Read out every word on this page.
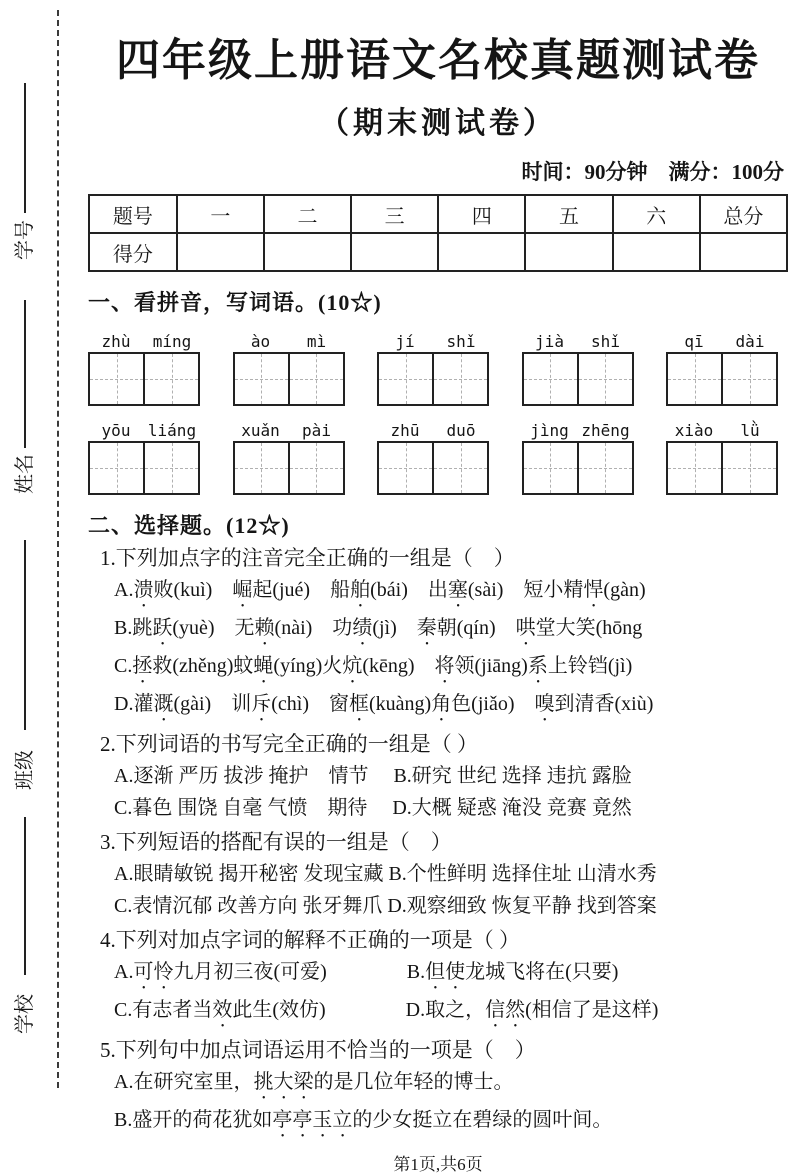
学号
姓名
班级
学校
四年级上册语文名校真题测试卷
（期末测试卷）
时间：90分钟　满分：100分
题号	一	二	三	四	五	六	总分
得分							
一、看拼音，写词语。(10☆)
zhù	míng	ào	mì	jí	shǐ	jià	shǐ	qī	dài
yōu	liáng	xuǎn	pài	zhū	duō	jìng zhēng	xiào	lǜ
二、选择题。(12☆)
1.下列加点字的注音完全正确的一组是（　）
A.溃败(kuì)　崛起(jué)　船舶(bái)　出塞(sài)　短小精悍(gàn)
B.跳跃(yuè)　无赖(nài)　功绩(jì)　秦朝(qín)　哄堂大笑(hōng
C.拯救(zhěng)蚊蝇(yíng)火炕(kēng)　将领(jiāng)系上铃铛(jì)
D.灌溉(gài)　训斥(chì)　窗框(kuàng)角色(jiǎo)　嗅到清香(xiù)
2.下列词语的书写完全正确的一组是（ ）
A.逐渐 严历 拔涉 掩护　情节　 B.研究 世纪 选择 违抗 露脸
C.暮色 围饶 自毫 气愤　期待　 D.大概 疑惑 淹没 竞赛 竟然
3.下列短语的搭配有误的一组是（　）
A.眼睛敏锐 揭开秘密 发现宝藏 B.个性鲜明 选择住址 山清水秀
C.表情沉郁 改善方向 张牙舞爪 D.观察细致 恢复平静 找到答案
4.下列对加点字词的解释不正确的一项是（ ）
A.可怜九月初三夜(可爱)　　　　B.但使龙城飞将在(只要)
C.有志者当效此生(效仿)　　　　D.取之，信然(相信了是这样)
5.下列句中加点词语运用不恰当的一项是（　）
A.在研究室里，挑大梁的是几位年轻的博士。
B.盛开的荷花犹如亭亭玉立的少女挺立在碧绿的圆叶间。
第1页,共6页
